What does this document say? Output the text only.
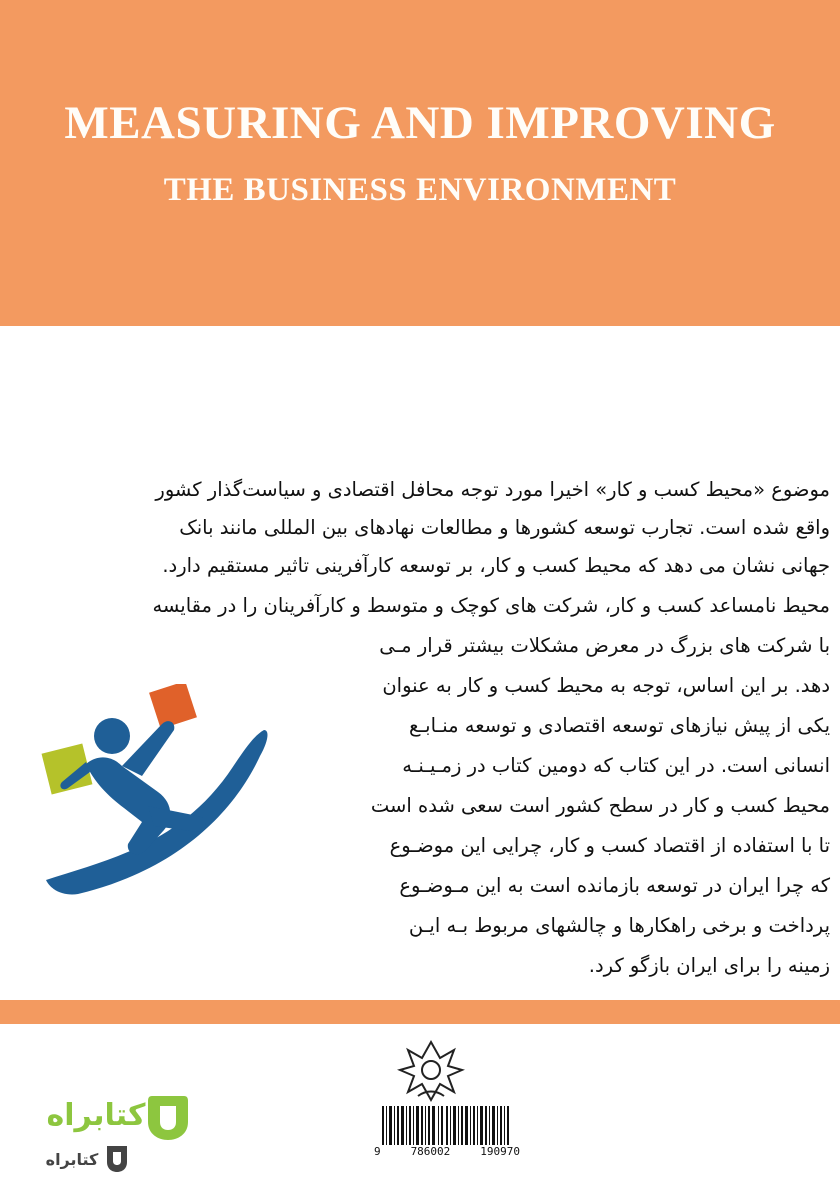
MEASURING AND IMPROVING
THE BUSINESS ENVIRONMENT
موضوع «محیط کسب و کار» اخیرا مورد توجه محافل اقتصادی و سیاست‌گذار کشور
واقع شده است. تجارب توسعه کشورها و مطالعات نهادهای بین المللی مانند بانک
جهانی نشان می دهد که محیط کسب و کار، بر توسعه کارآفرینی تاثیر مستقیم دارد.
محیط نامساعد کسب و کار، شرکت های کوچک و متوسط و کارآفرینان را در مقایسه
با شرکت های بزرگ در معرض مشکلات بیشتر قرار مـی
دهد. بر این اساس، توجه به محیط کسب و کار به عنوان
یکی از پیش نیازهای توسعه اقتصادی و توسعه منـابـع
انسانی است. در این کتاب که دومین کتاب در زمـیـنـه
محیط کسب و کار در سطح کشور است سعی شده است
تا با استفاده از اقتصاد کسب و کار، چرایی این موضـوع
که چرا ایران در توسعه بازمانده است به این مـوضـوع
پرداخت و برخی راهکارها و چالشهای مربوط بـه ایـن
زمینه را برای ایران بازگو کرد.
9	786002	190970
کتابراه
کتابراه
